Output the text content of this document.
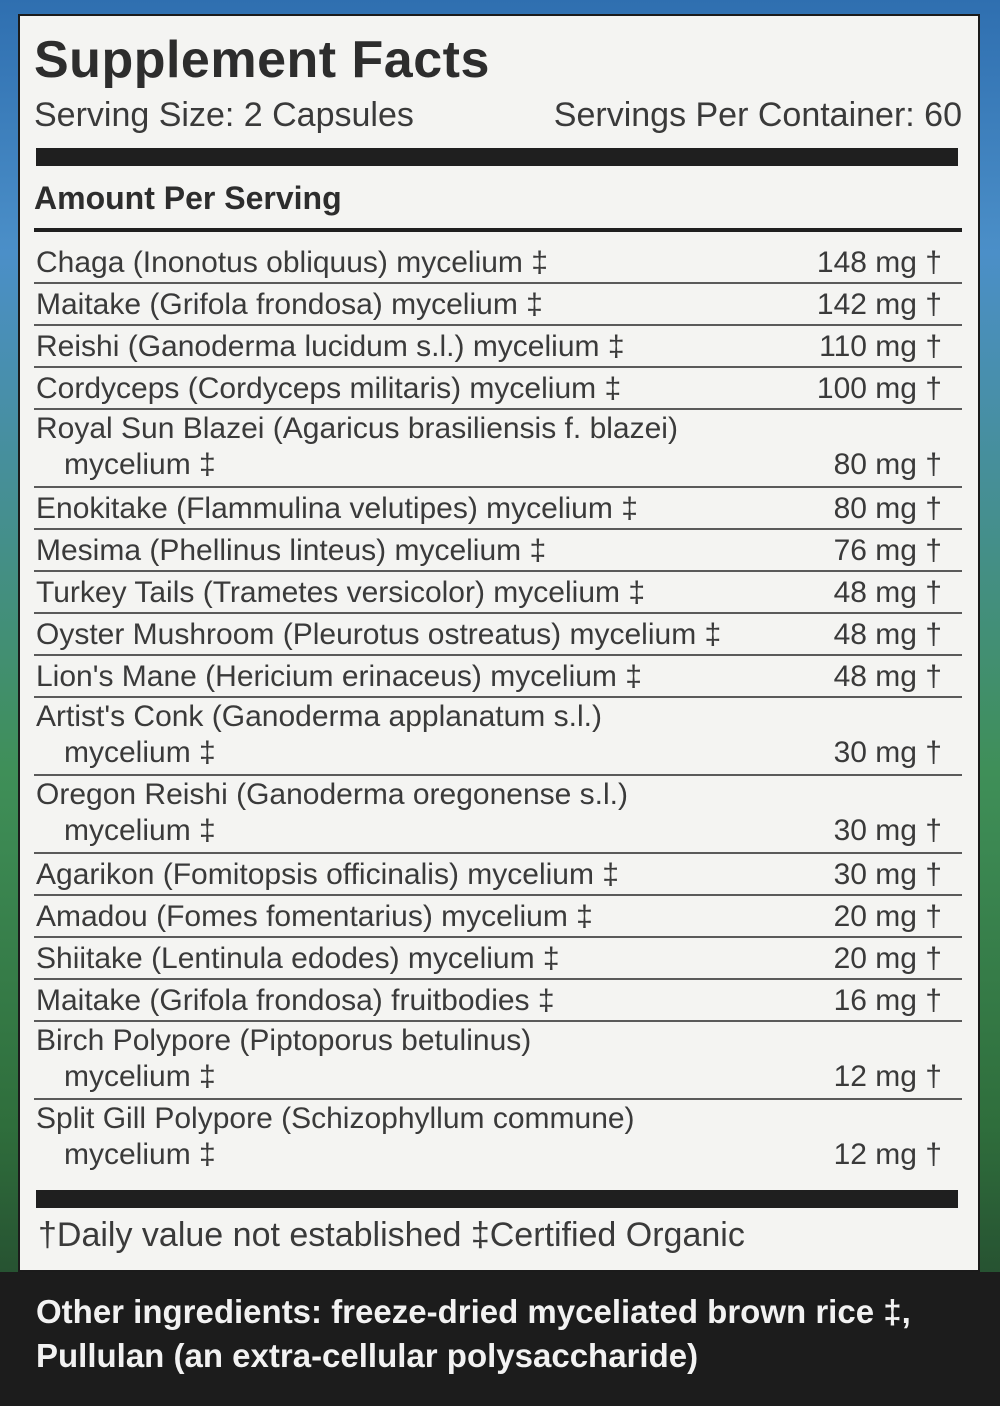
Supplement Facts
Serving Size: 2 Capsules	Servings Per Container: 60
Amount Per Serving
Chaga (Inonotus obliquus) mycelium ‡	148 mg †
Maitake (Grifola frondosa) mycelium ‡	142 mg †
Reishi (Ganoderma lucidum s.l.) mycelium ‡	110 mg †
Cordyceps (Cordyceps militaris) mycelium ‡	100 mg †
Royal Sun Blazei (Agaricus brasiliensis f. blazei)
mycelium ‡	80 mg †
Enokitake (Flammulina velutipes) mycelium ‡	80 mg †
Mesima (Phellinus linteus) mycelium ‡	76 mg †
Turkey Tails (Trametes versicolor) mycelium ‡	48 mg †
Oyster Mushroom (Pleurotus ostreatus) mycelium ‡	48 mg †
Lion's Mane (Hericium erinaceus) mycelium ‡	48 mg †
Artist's Conk (Ganoderma applanatum s.l.)
mycelium ‡	30 mg †
Oregon Reishi (Ganoderma oregonense s.l.)
mycelium ‡	30 mg †
Agarikon (Fomitopsis officinalis) mycelium ‡	30 mg †
Amadou (Fomes fomentarius) mycelium ‡	20 mg †
Shiitake (Lentinula edodes) mycelium ‡	20 mg †
Maitake (Grifola frondosa) fruitbodies ‡	16 mg †
Birch Polypore (Piptoporus betulinus)
mycelium ‡	12 mg †
Split Gill Polypore (Schizophyllum commune)
mycelium ‡	12 mg †
†Daily value not established ‡Certified Organic
Other ingredients: freeze-dried myceliated brown rice ‡, Pullulan (an extra-cellular polysaccharide)
